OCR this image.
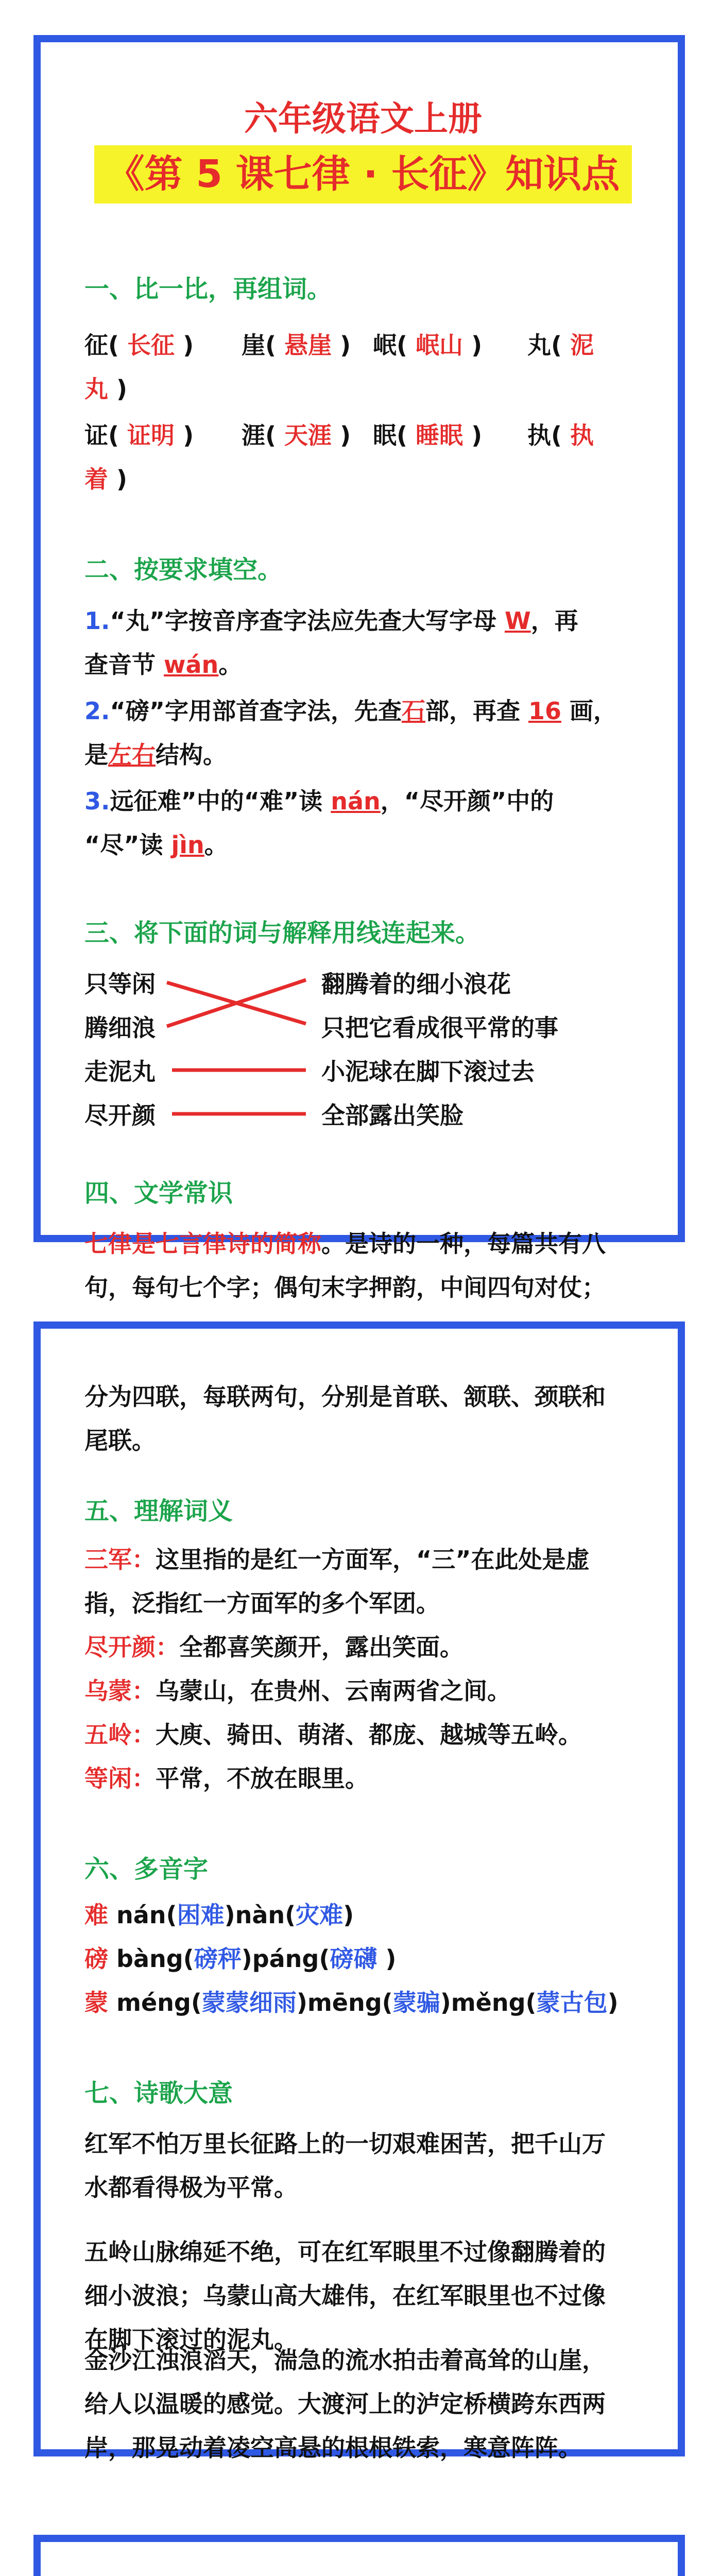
六年级语文上册
《第 5 课七律 · 长征》知识点
一、比一比，再组词。
征( 长征 ) 崖( 悬崖 ) 岷( 岷山 ) 丸( 泥
丸 )
证( 证明 ) 涯( 天涯 ) 眠( 睡眠 ) 执( 执
着 )
二、按要求填空。
1.“丸”字按音序查字法应先查大写字母 W，再
查音节 wán。
2.“磅”字用部首查字法，先查石部，再查 16 画，
是左右结构。
3.远征难”中的“难”读 nán，“尽开颜”中的
“尽”读 jìn。
三、将下面的词与解释用线连起来。
只等闲	翻腾着的细小浪花
腾细浪	只把它看成很平常的事
走泥丸	小泥球在脚下滚过去
尽开颜	全部露出笑脸
四、文学常识
七律是七言律诗的简称。是诗的一种，每篇共有八
句，每句七个字；偶句末字押韵，中间四句对仗；
分为四联，每联两句，分别是首联、颔联、颈联和
尾联。
五、理解词义
三军：这里指的是红一方面军，“三”在此处是虚
指，泛指红一方面军的多个军团。
尽开颜：全都喜笑颜开，露出笑面。
乌蒙：乌蒙山，在贵州、云南两省之间。
五岭：大庾、骑田、萌渚、都庞、越城等五岭。
等闲：平常，不放在眼里。
六、多音字
难 nán(困难)nàn(灾难)
磅 bàng(磅秤)páng(磅礴 )
蒙 méng(蒙蒙细雨)mēng(蒙骗)měng(蒙古包)
七、诗歌大意
红军不怕万里长征路上的一切艰难困苦，把千山万
水都看得极为平常。
五岭山脉绵延不绝，可在红军眼里不过像翻腾着的
细小波浪；乌蒙山高大雄伟，在红军眼里也不过像
在脚下滚过的泥丸。
金沙江浊浪滔天，湍急的流水拍击着高耸的山崖，
给人以温暖的感觉。大渡河上的泸定桥横跨东西两
岸，那晃动着凌空高悬的根根铁索，寒意阵阵。
